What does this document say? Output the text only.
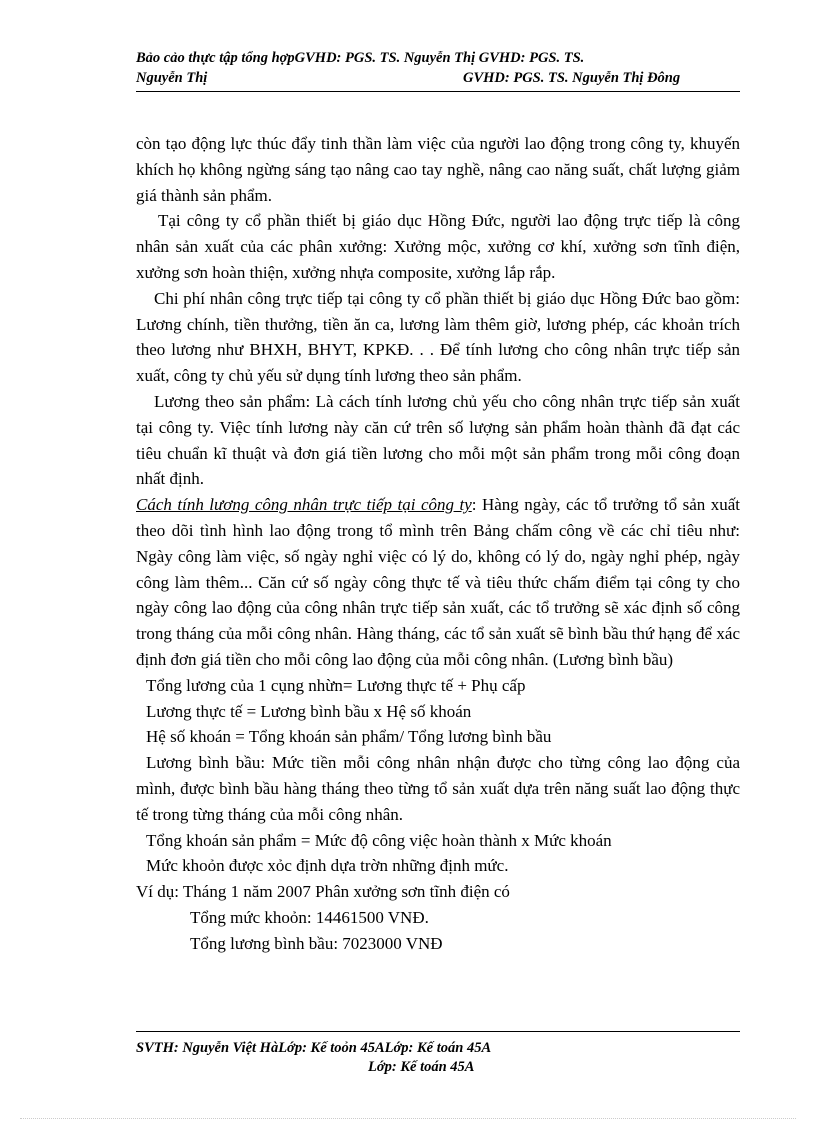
Bảo cảo thực tập tổng hợpGVHD: PGS. TS. Nguyễn Thị GVHD: PGS. TS.
Nguyễn Thị	GVHD: PGS. TS. Nguyễn Thị Đông

còn tạo động lực thúc đẩy tinh thần làm việc của người lao động trong công ty, khuyến khích họ không ngừng sáng tạo nâng cao tay nghề, nâng cao năng suất, chất lượng giảm giá thành sản phẩm.

Tại công ty cổ phần thiết bị giáo dục Hồng Đức, người lao động trực tiếp là công nhân sản xuất của các phân xưởng: Xưởng mộc, xưởng cơ khí, xưởng sơn tĩnh điện, xưởng sơn hoàn thiện, xưởng nhựa composite, xưởng lắp rắp.

Chi phí nhân công trực tiếp tại công ty cổ phần thiết bị giáo dục Hồng Đức bao gồm: Lương chính, tiền thưởng, tiền ăn ca, lương làm thêm giờ, lương phép, các khoản trích theo lương như BHXH, BHYT, KPKĐ. . . Để tính lương cho công nhân trực tiếp sản xuất, công ty chủ yếu sử dụng tính lương theo sản phẩm.

Lương theo sản phẩm: Là cách tính lương chủ yếu cho công nhân trực tiếp sản xuất tại công ty. Việc tính lương này căn cứ trên số lượng sản phẩm hoàn thành đã đạt các tiêu chuẩn kĩ thuật và đơn giá tiền lương cho mỗi một sản phẩm trong mỗi công đoạn nhất định.

Cách tính lương công nhân trực tiếp tại công ty: Hàng ngày, các tổ trưởng tổ sản xuất theo dõi tình hình lao động trong tổ mình trên Bảng chấm công về các chỉ tiêu như: Ngày công làm việc, số ngày nghỉ việc có lý do, không có lý do, ngày nghỉ phép, ngày công làm thêm... Căn cứ số ngày công thực tế và tiêu thức chấm điểm tại công ty cho ngày công lao động của công nhân trực tiếp sản xuất, các tổ trưởng sẽ xác định số công trong tháng của mỗi công nhân. Hàng tháng, các tổ sản xuất sẽ bình bầu thứ hạng để xác định đơn giá tiền cho mỗi công lao động của mỗi công nhân. (Lương bình bầu)

Tổng lương của 1 cụng nhừn= Lương thực tế + Phụ cấp

Lương thực tế = Lương bình bầu x Hệ số khoán

Hệ số khoán = Tổng khoán sản phẩm/ Tổng lương bình bầu

Lương bình bầu: Mức tiền mỗi công nhân nhận được cho từng công lao động của mình, được bình bầu hàng tháng theo từng tổ sản xuất dựa trên năng suất lao động thực tế trong từng tháng của mỗi công nhân.

Tổng khoán sản phẩm = Mức độ công việc hoàn thành x Mức khoán

Mức khoỏn được xỏc định dựa trờn những định mức.

Ví dụ: Tháng 1 năm 2007 Phân xưởng sơn tĩnh điện có

Tổng mức khoỏn: 14461500 VNĐ.

Tổng lương bình bầu: 7023000 VNĐ

SVTH: Nguyễn Việt HàLớp: Kế toỏn 45ALớp: Kế toán 45A
Lớp: Kế toán 45A
